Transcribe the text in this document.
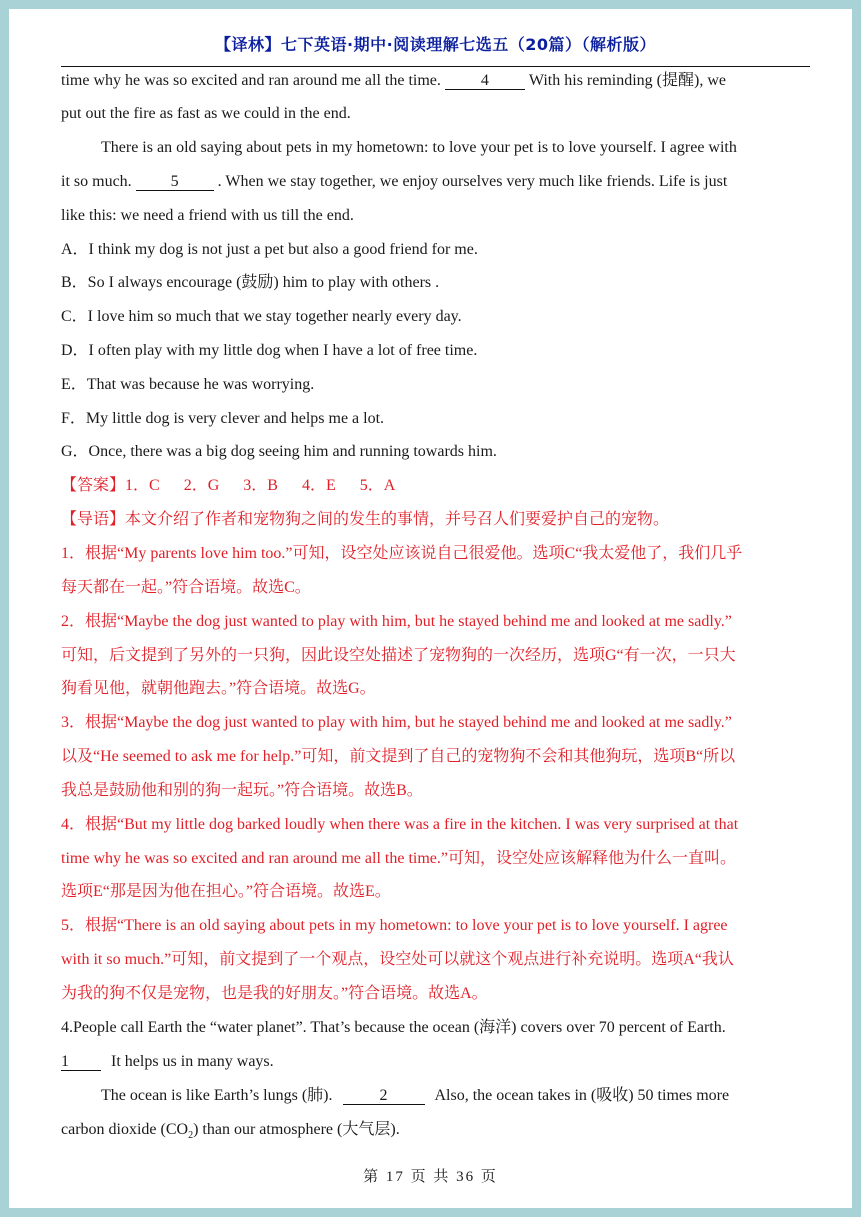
【译林】七下英语·期中·阅读理解七选五（20篇）（解析版）
time why he was so excited and ran around me all the time.	4	With his reminding (提醒), we
put out the fire as fast as we could in the end.
There is an old saying about pets in my hometown: to love your pet is to love yourself. I agree with
it so much. 5 . When we stay together, we enjoy ourselves very much like friends. Life is just
like this: we need a friend with us till the end.
A．I think my dog is not just a pet but also a good friend for me.
B．So I always encourage (鼓励) him to play with others .
C．I love him so much that we stay together nearly every day.
D．I often play with my little dog when I have a lot of free time.
E．That was because he was worrying.
F．My little dog is very clever and helps me a lot.
G．Once, there was a big dog seeing him and running towards him.
【答案】1．C 2．G 3．B 4．E 5．A
【导语】本文介绍了作者和宠物狗之间的发生的事情，并号召人们要爱护自己的宠物。
1．根据“My parents love him too.”可知，设空处应该说自己很爱他。选项C“我太爱他了，我们几乎
每天都在一起。”符合语境。故选C。
2．根据“Maybe the dog just wanted to play with him, but he stayed behind me and looked at me sadly.”
可知，后文提到了另外的一只狗，因此设空处描述了宠物狗的一次经历，选项G“有一次，一只大
狗看见他，就朝他跑去。”符合语境。故选G。
3．根据“Maybe the dog just wanted to play with him, but he stayed behind me and looked at me sadly.”
以及“He seemed to ask me for help.”可知，前文提到了自己的宠物狗不会和其他狗玩，选项B“所以
我总是鼓励他和别的狗一起玩。”符合语境。故选B。
4．根据“But my little dog barked loudly when there was a fire in the kitchen. I was very surprised at that
time why he was so excited and ran around me all the time.”可知，设空处应该解释他为什么一直叫。
选项E“那是因为他在担心。”符合语境。故选E。
5．根据“There is an old saying about pets in my hometown: to love your pet is to love yourself. I agree
with it so much.”可知，前文提到了一个观点，设空处可以就这个观点进行补充说明。选项A“我认
为我的狗不仅是宠物，也是我的好朋友。”符合语境。故选A。
4.People call Earth the “water planet”. That’s because the ocean (海洋) covers over 70 percent of Earth.
1	It helps us in many ways.
The ocean is like Earth’s lungs (肺).	2	Also, the ocean takes in (吸收) 50 times more
carbon dioxide $(CO_2)$ than our atmosphere (大气层).
第 17 页 共 36 页
